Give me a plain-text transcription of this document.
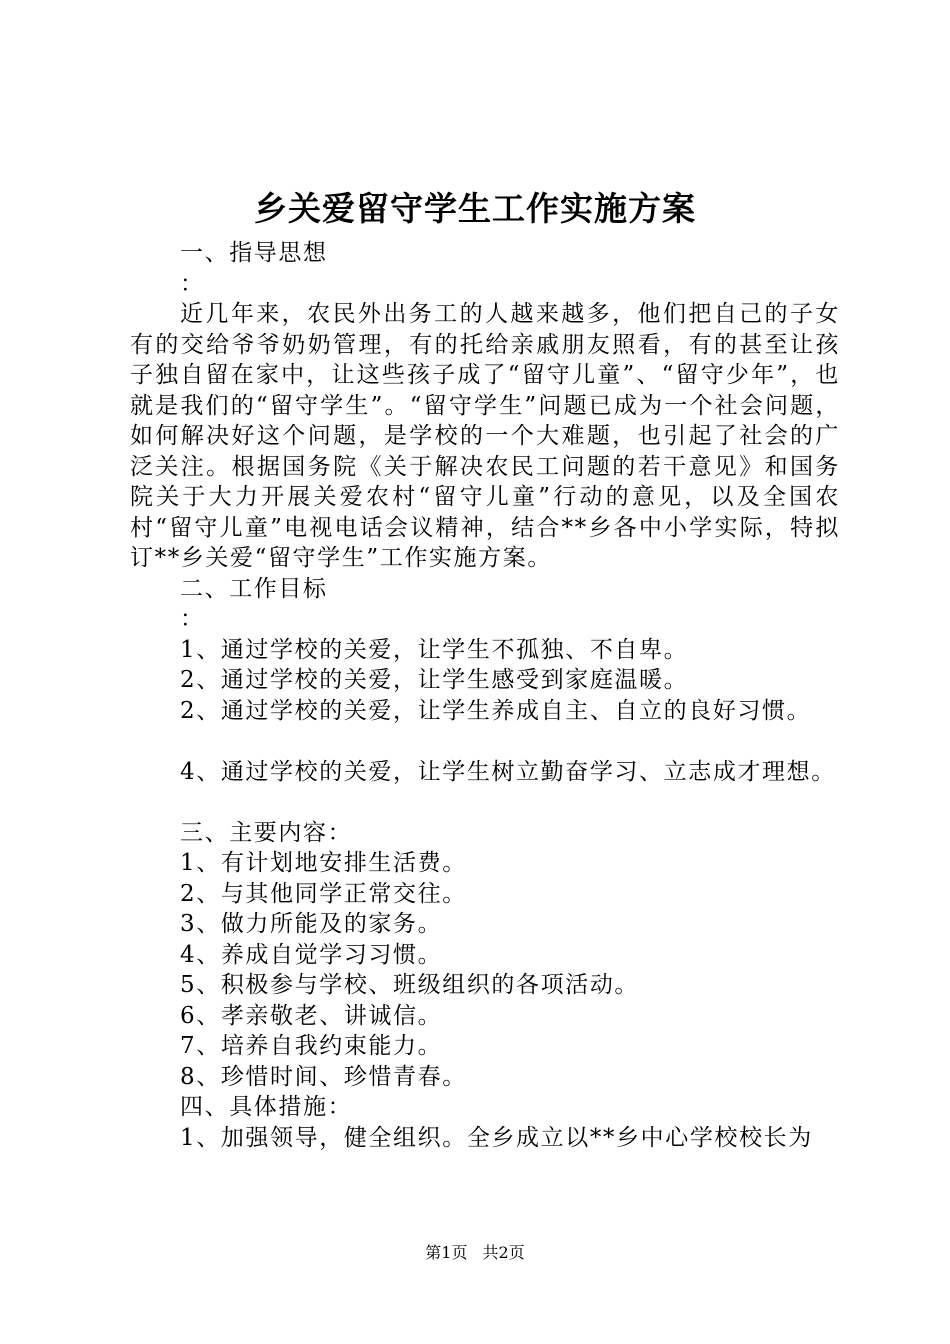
乡关爱留守学生工作实施方案
一、指导思想
：
近几年来，农民外出务工的人越来越多，他们把自己的子女有的交给爷爷奶奶管理，有的托给亲戚朋友照看，有的甚至让孩子独自留在家中，让这些孩子成了“留守儿童”、“留守少年”，也就是我们的“留守学生”。“留守学生”问题已成为一个社会问题，如何解决好这个问题，是学校的一个大难题，也引起了社会的广泛关注。根据国务院《关于解决农民工问题的若干意见》和国务院关于大力开展关爱农村“留守儿童”行动的意见，以及全国农村“留守儿童”电视电话会议精神，结合**乡各中小学实际，特拟订**乡关爱“留守学生”工作实施方案。
二、工作目标
：
1、通过学校的关爱，让学生不孤独、不自卑。
2、通过学校的关爱，让学生感受到家庭温暖。
2、通过学校的关爱，让学生养成自主、自立的良好习惯。
4、通过学校的关爱，让学生树立勤奋学习、立志成才理想。
三、主要内容：
1、有计划地安排生活费。
2、与其他同学正常交往。
3、做力所能及的家务。
4、养成自觉学习习惯。
5、积极参与学校、班级组织的各项活动。
6、孝亲敬老、讲诚信。
7、培养自我约束能力。
8、珍惜时间、珍惜青春。
四、具体措施：
1、加强领导，健全组织。全乡成立以**乡中心学校校长为
第1页 共2页
